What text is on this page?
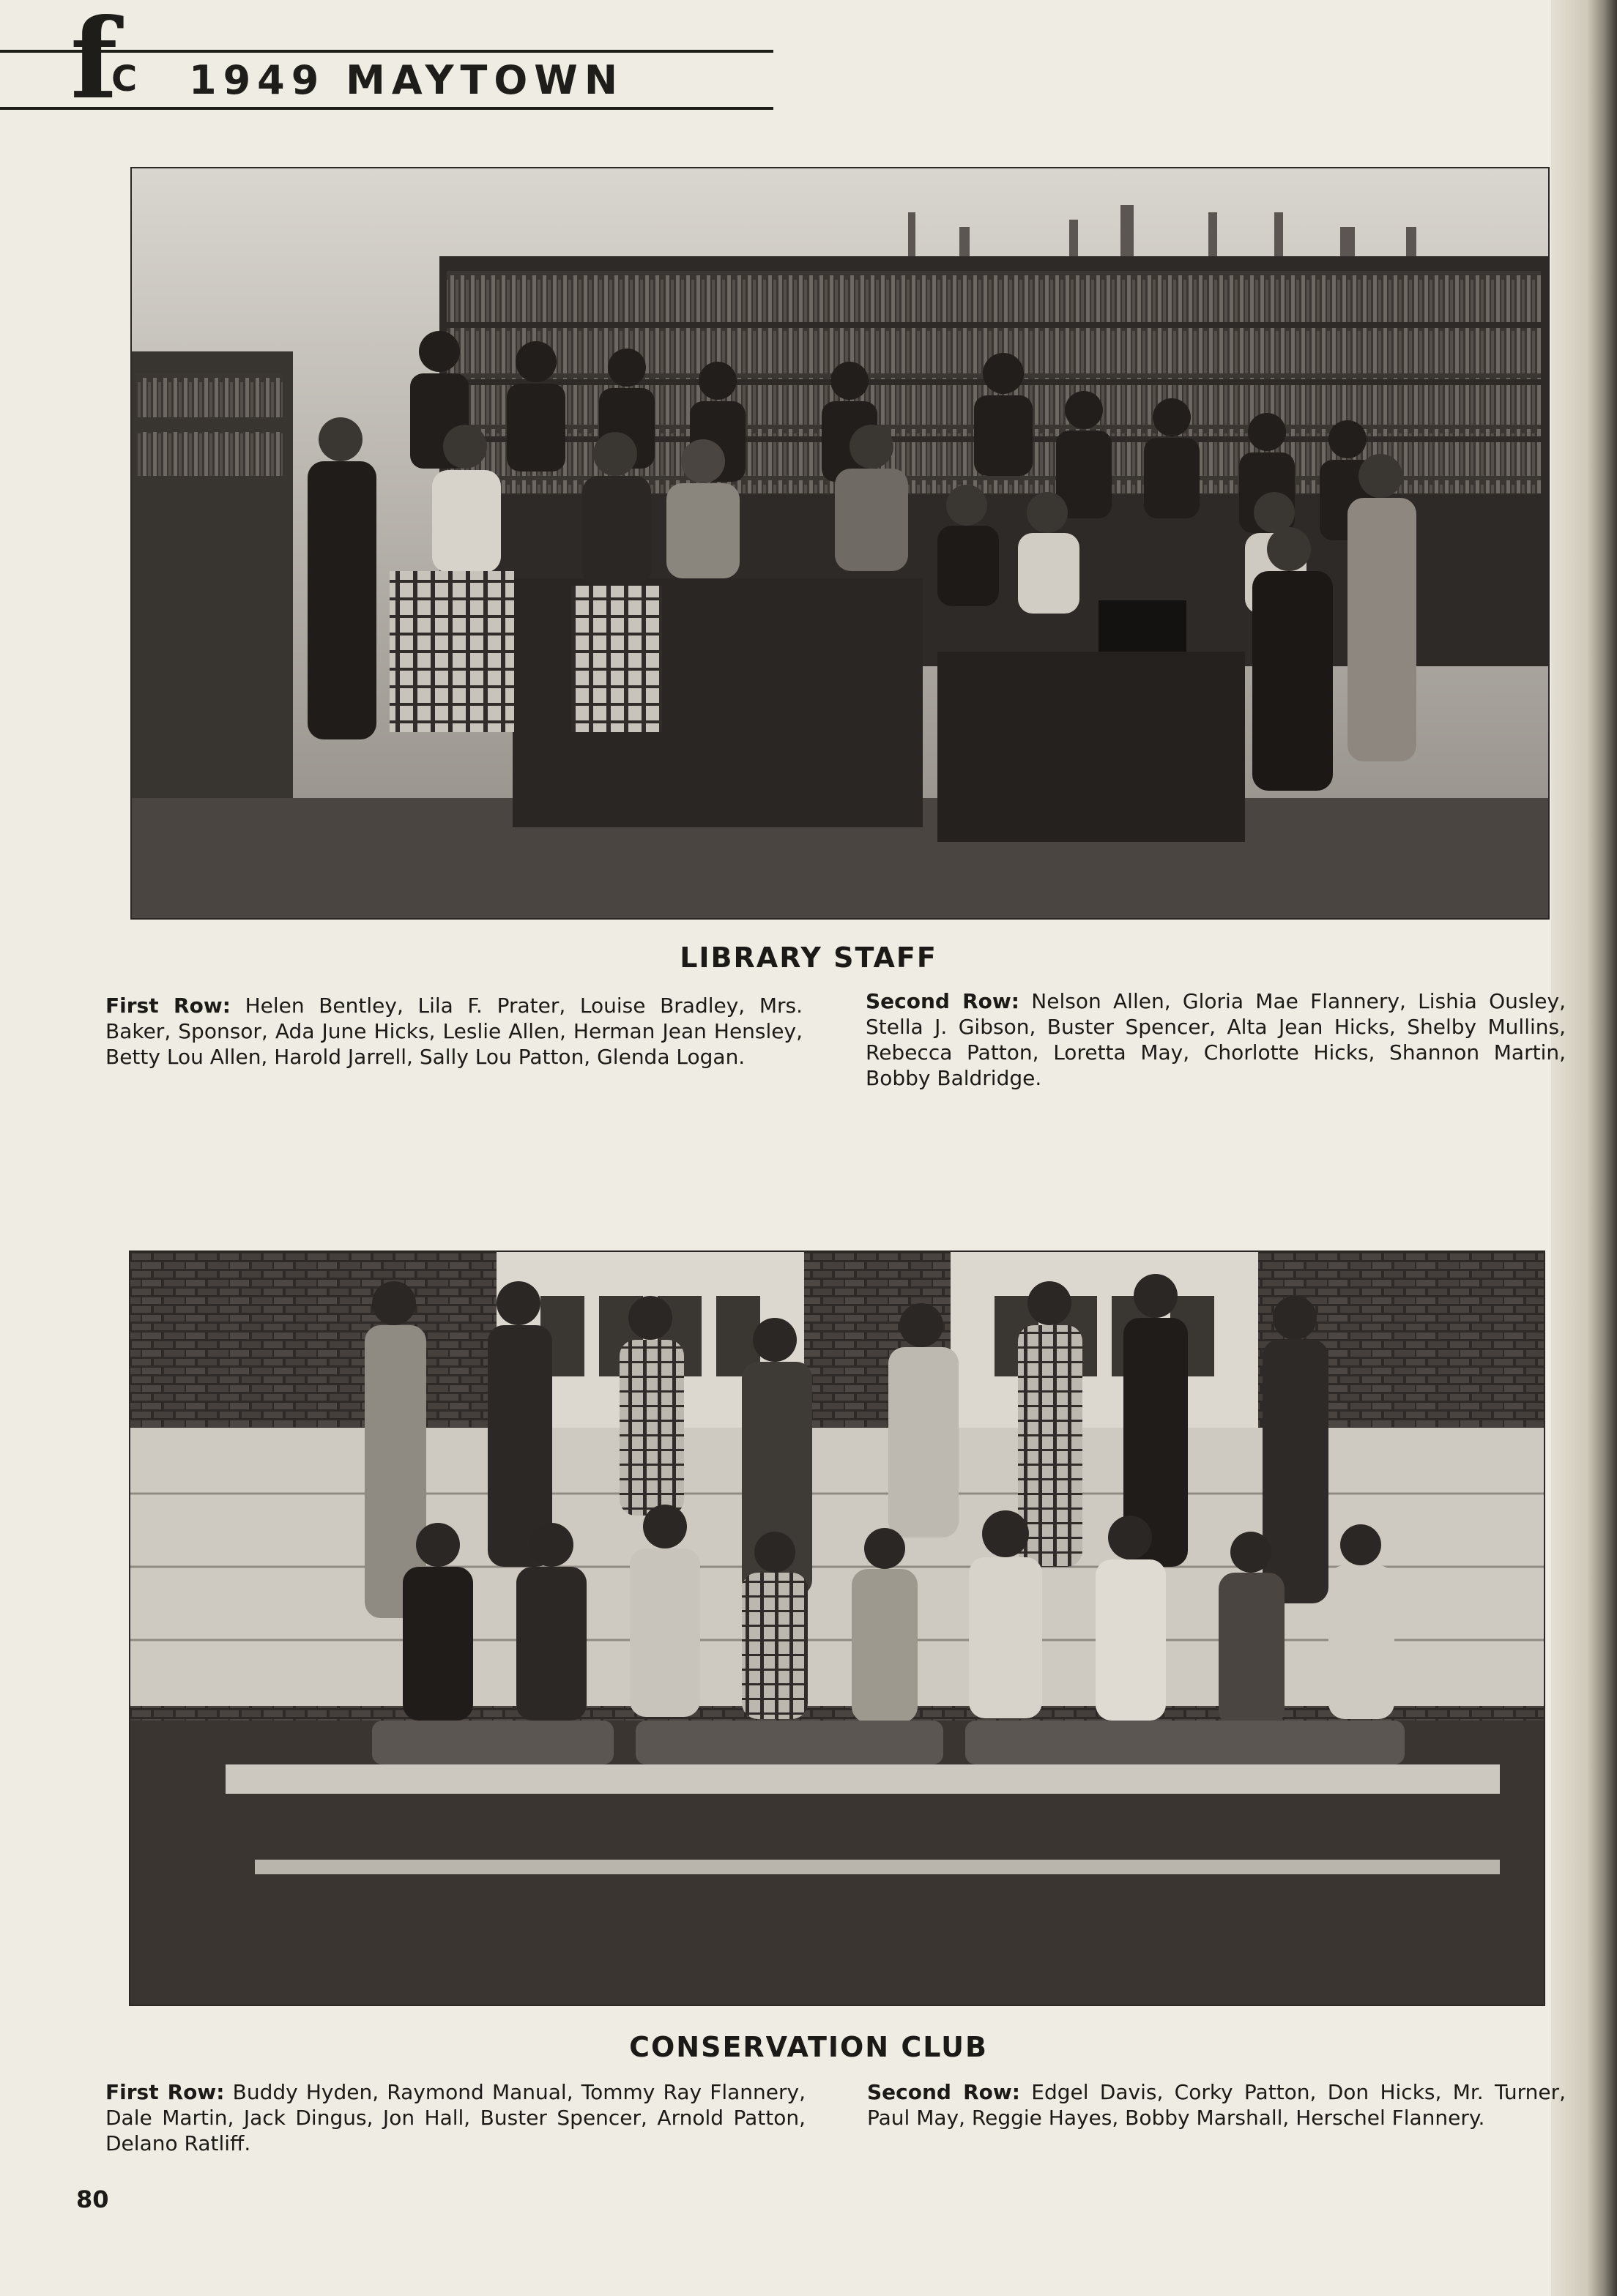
f
C 1949 MAYTOWN
LIBRARY STAFF
First Row: Helen Bentley, Lila F. Prater, Louise Bradley, Mrs. Baker, Sponsor, Ada June Hicks, Leslie Allen, Herman Jean Hensley, Betty Lou Allen, Harold Jarrell, Sally Lou Patton, Glenda Logan.
Second Row: Nelson Allen, Gloria Mae Flannery, Lishia Ousley, Stella J. Gibson, Buster Spencer, Alta Jean Hicks, Shelby Mullins, Rebecca Patton, Loretta May, Chorlotte Hicks, Shannon Martin, Bobby Baldridge.
CONSERVATION CLUB
First Row: Buddy Hyden, Raymond Manual, Tommy Ray Flannery, Dale Martin, Jack Dingus, Jon Hall, Buster Spencer, Arnold Patton, Delano Ratliff.
Second Row: Edgel Davis, Corky Patton, Don Hicks, Mr. Turner, Paul May, Reggie Hayes, Bobby Marshall, Herschel Flannery.
80
